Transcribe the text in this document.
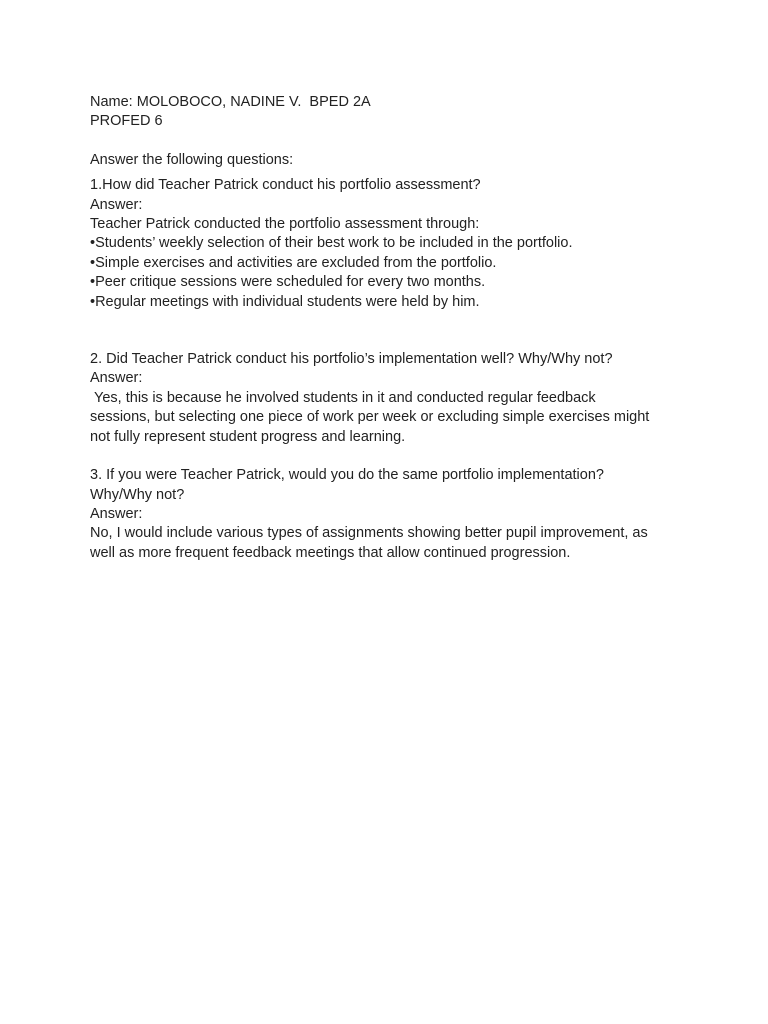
Name: MOLOBOCO, NADINE V.  BPED 2A
PROFED 6
Answer the following questions:
1.How did Teacher Patrick conduct his portfolio assessment?
Answer:
Teacher Patrick conducted the portfolio assessment through:
•Students’ weekly selection of their best work to be included in the portfolio.
•Simple exercises and activities are excluded from the portfolio.
•Peer critique sessions were scheduled for every two months.
•Regular meetings with individual students were held by him.
2. Did Teacher Patrick conduct his portfolio’s implementation well? Why/Why not?
Answer:
Yes, this is because he involved students in it and conducted regular feedback
sessions, but selecting one piece of work per week or excluding simple exercises might
not fully represent student progress and learning.
3. If you were Teacher Patrick, would you do the same portfolio implementation?
Why/Why not?
Answer:
No, I would include various types of assignments showing better pupil improvement, as
well as more frequent feedback meetings that allow continued progression.
